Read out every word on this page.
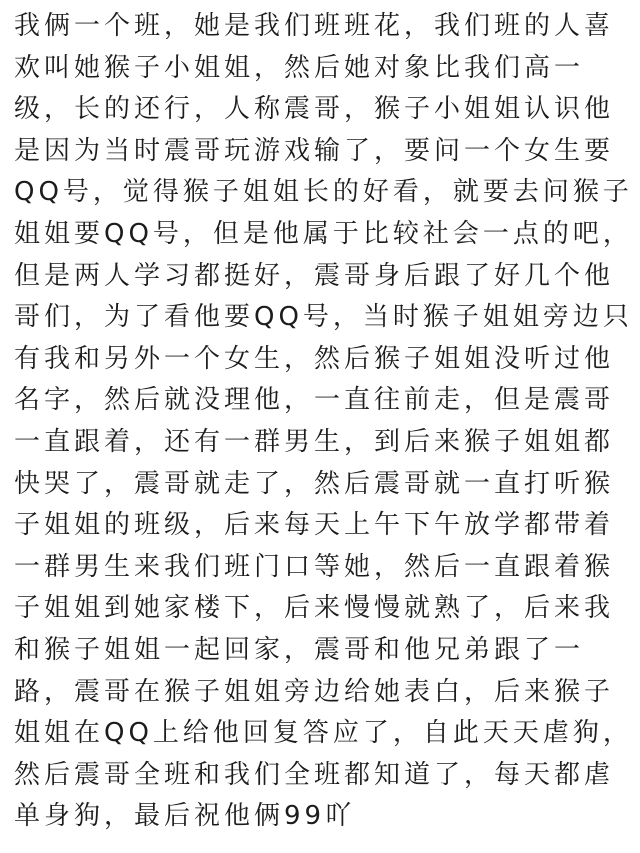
我俩一个班，她是我们班班花，我们班的人喜
欢叫她猴子小姐姐，然后她对象比我们高一
级，长的还行，人称震哥，猴子小姐姐认识他
是因为当时震哥玩游戏输了，要问一个女生要
QQ号，觉得猴子姐姐长的好看，就要去问猴子
姐姐要QQ号，但是他属于比较社会一点的吧，
但是两人学习都挺好，震哥身后跟了好几个他
哥们，为了看他要QQ号，当时猴子姐姐旁边只
有我和另外一个女生，然后猴子姐姐没听过他
名字，然后就没理他，一直往前走，但是震哥
一直跟着，还有一群男生，到后来猴子姐姐都
快哭了，震哥就走了，然后震哥就一直打听猴
子姐姐的班级，后来每天上午下午放学都带着
一群男生来我们班门口等她，然后一直跟着猴
子姐姐到她家楼下，后来慢慢就熟了，后来我
和猴子姐姐一起回家，震哥和他兄弟跟了一
路，震哥在猴子姐姐旁边给她表白，后来猴子
姐姐在QQ上给他回复答应了，自此天天虐狗，
然后震哥全班和我们全班都知道了，每天都虐
单身狗，最后祝他俩99吖
